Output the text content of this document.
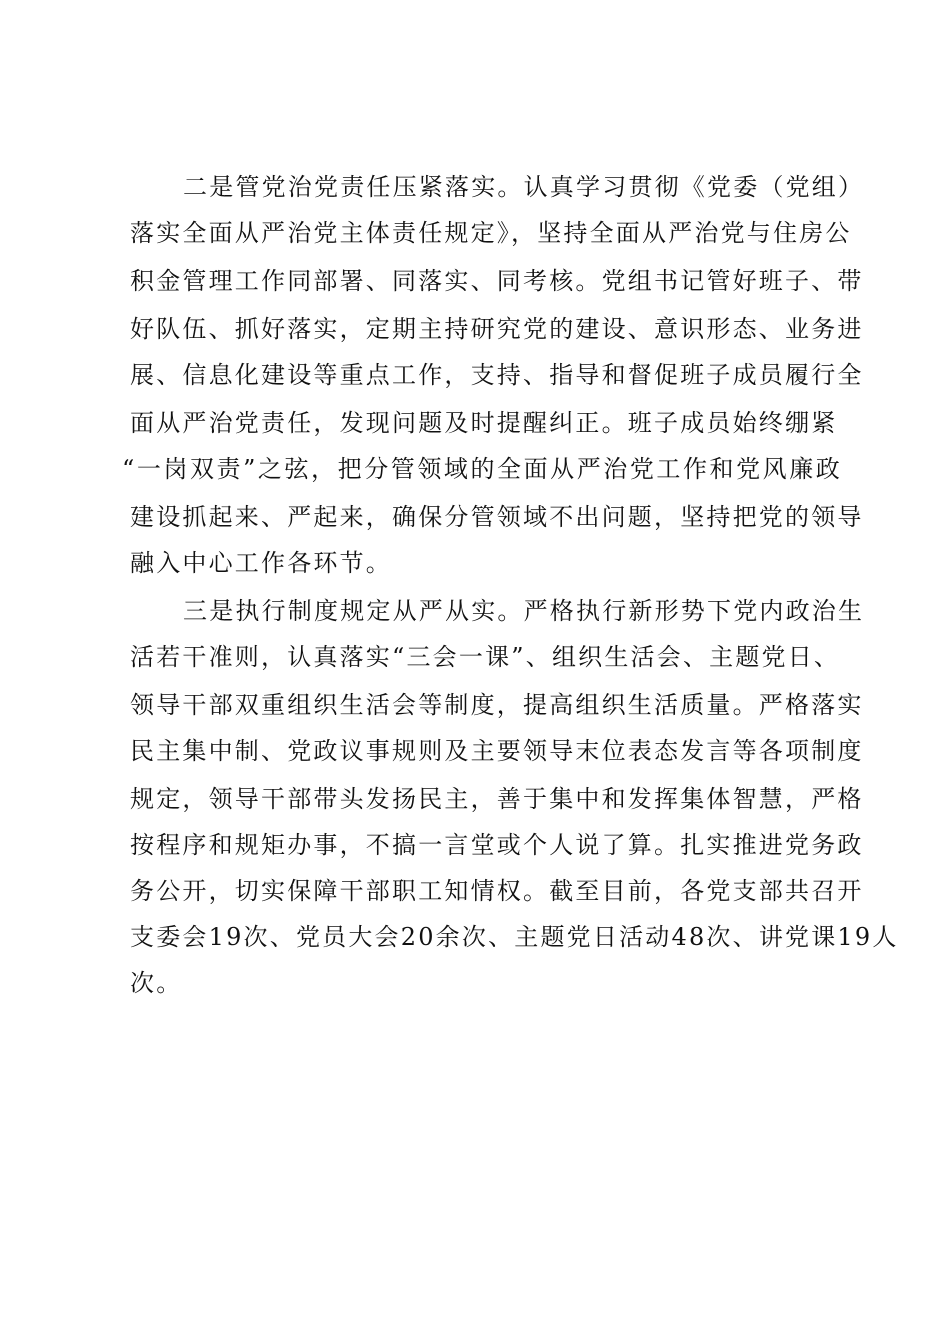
二是管党治党责任压紧落实。认真学习贯彻《党委（党组）
落实全面从严治党主体责任规定》，坚持全面从严治党与住房公
积金管理工作同部署、同落实、同考核。党组书记管好班子、带
好队伍、抓好落实，定期主持研究党的建设、意识形态、业务进
展、信息化建设等重点工作，支持、指导和督促班子成员履行全
面从严治党责任，发现问题及时提醒纠正。班子成员始终绷紧
“一岗双责”之弦，把分管领域的全面从严治党工作和党风廉政
建设抓起来、严起来，确保分管领域不出问题，坚持把党的领导
融入中心工作各环节。
三是执行制度规定从严从实。严格执行新形势下党内政治生
活若干准则，认真落实“三会一课”、组织生活会、主题党日、
领导干部双重组织生活会等制度，提高组织生活质量。严格落实
民主集中制、党政议事规则及主要领导末位表态发言等各项制度
规定，领导干部带头发扬民主，善于集中和发挥集体智慧，严格
按程序和规矩办事，不搞一言堂或个人说了算。扎实推进党务政
务公开，切实保障干部职工知情权。截至目前，各党支部共召开
支委会19次、党员大会20余次、主题党日活动48次、讲党课19人
次。
